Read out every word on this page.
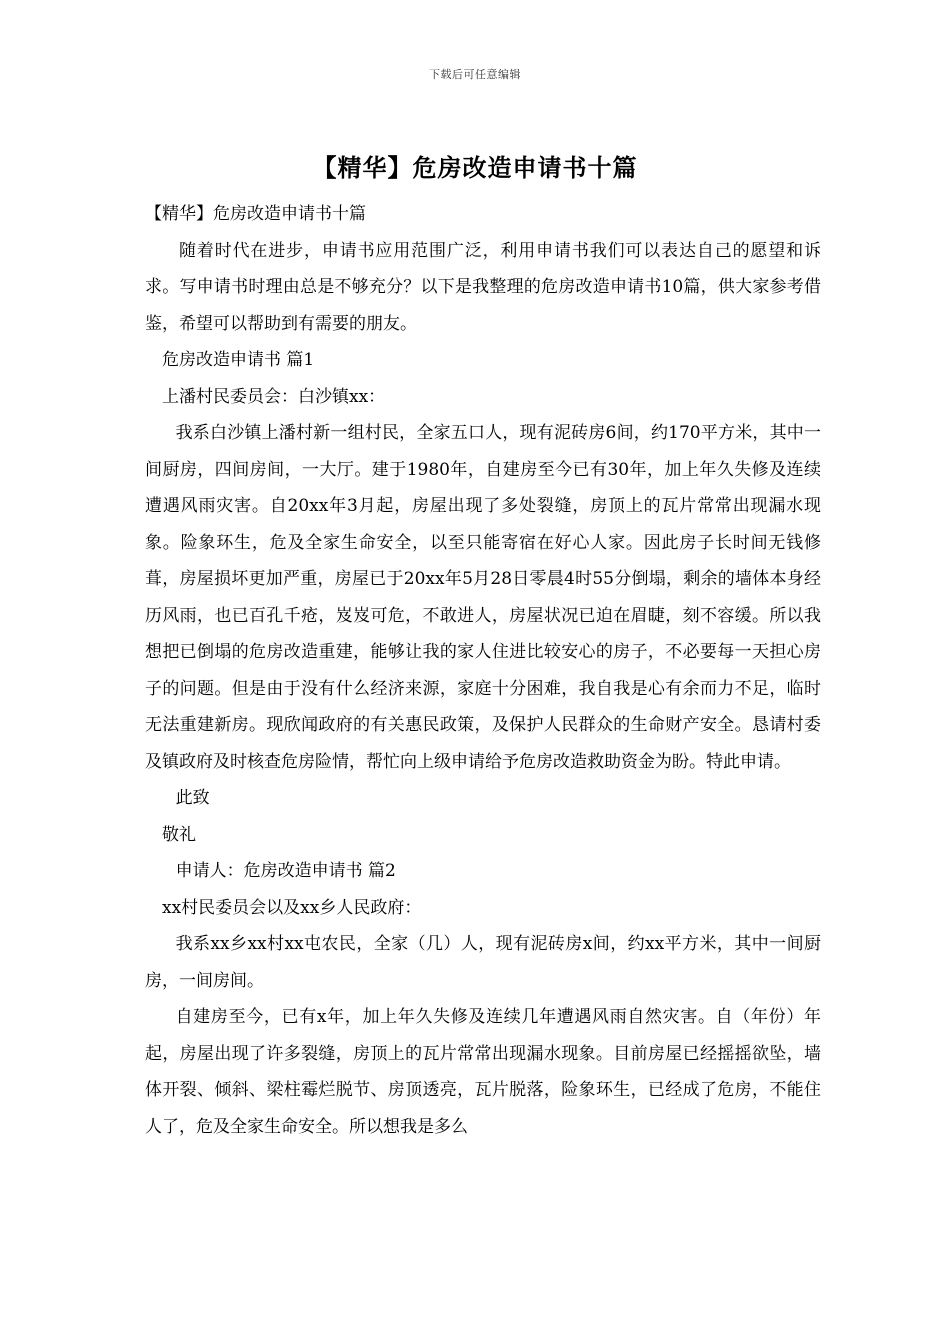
下载后可任意编辑
【精华】危房改造申请书十篇

【精华】危房改造申请书十篇

随着时代在进步，申请书应用范围广泛，利用申请书我们可以表达自己的愿望和诉求。写申请书时理由总是不够充分？以下是我整理的危房改造申请书10篇，供大家参考借鉴，希望可以帮助到有需要的朋友。

危房改造申请书 篇1

上潘村民委员会：白沙镇xx：

我系白沙镇上潘村新一组村民，全家五口人，现有泥砖房6间，约170平方米，其中一间厨房，四间房间，一大厅。建于1980年，自建房至今已有30年，加上年久失修及连续遭遇风雨灾害。自20xx年3月起，房屋出现了多处裂缝，房顶上的瓦片常常出现漏水现象。险象环生，危及全家生命安全，以至只能寄宿在好心人家。因此房子长时间无钱修葺，房屋损坏更加严重，房屋已于20xx年5月28日零晨4时55分倒塌，剩余的墙体本身经历风雨，也已百孔千疮，岌岌可危，不敢进人，房屋状况已迫在眉睫，刻不容缓。所以我想把已倒塌的危房改造重建，能够让我的家人住进比较安心的房子，不必要每一天担心房子的问题。但是由于没有什么经济来源，家庭十分困难，我自我是心有余而力不足，临时无法重建新房。现欣闻政府的有关惠民政策，及保护人民群众的生命财产安全。恳请村委及镇政府及时核查危房险情，帮忙向上级申请给予危房改造救助资金为盼。特此申请。

此致

敬礼

申请人：危房改造申请书 篇2

xx村民委员会以及xx乡人民政府：

我系xx乡xx村xx屯农民，全家（几）人，现有泥砖房x间，约xx平方米，其中一间厨房，一间房间。

自建房至今，已有x年，加上年久失修及连续几年遭遇风雨自然灾害。自（年份）年起，房屋出现了许多裂缝，房顶上的瓦片常常出现漏水现象。目前房屋已经摇摇欲坠，墙体开裂、倾斜、梁柱霉烂脱节、房顶透亮，瓦片脱落，险象环生，已经成了危房，不能住人了，危及全家生命安全。所以想我是多么
